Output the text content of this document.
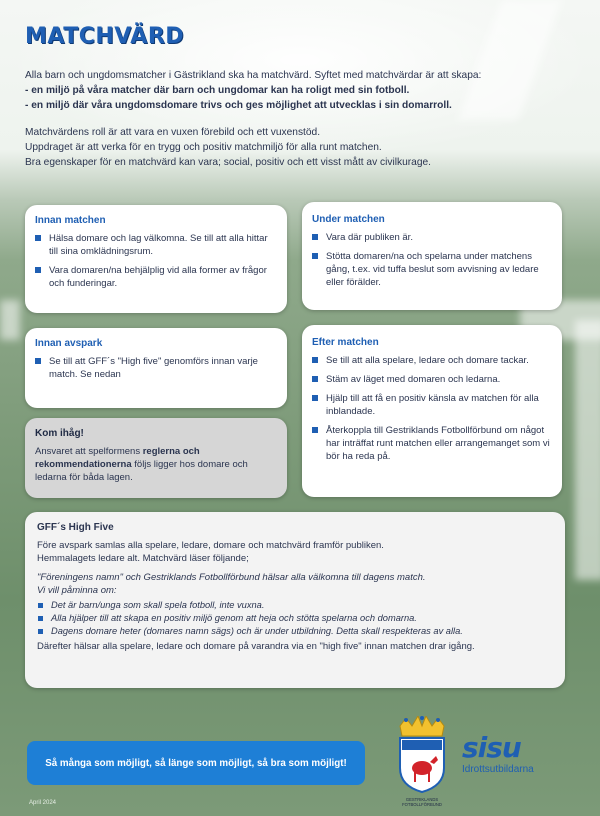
MATCHVÄRD

Alla barn och ungdomsmatcher i Gästrikland ska ha matchvärd. Syftet med matchvärdar är att skapa:

- en miljö på våra matcher där barn och ungdomar kan ha roligt med sin fotboll.

- en miljö där våra ungdomsdomare trivs och ges möjlighet att utvecklas i sin domarroll.

Matchvärdens roll är att vara en vuxen förebild och ett vuxenstöd.

Uppdraget är att verka för en trygg och positiv matchmiljö för alla runt matchen.

Bra egenskaper för en matchvärd kan vara; social, positiv och ett visst mått av civilkurage.

Innan matchen
Hälsa domare och lag välkomna. Se till att alla hittar till sina omklädningsrum.
Vara domaren/na behjälplig vid alla former av frågor och funderingar.
Under matchen
Vara där publiken är.
Stötta domaren/na och spelarna under matchens gång, t.ex. vid tuffa beslut som avvisning av ledare eller förälder.
Innan avspark
Se till att GFF´s "High five" genomförs innan varje match. Se nedan
Kom ihåg!

Ansvaret att spelformens reglerna och rekommendationerna följs ligger hos domare och ledarna för båda lagen.

Efter matchen
Se till att alla spelare, ledare och domare tackar.
Stäm av läget med domaren och ledarna.
Hjälp till att få en positiv känsla av matchen för alla inblandade.
Återkoppla till Gestriklands Fotbollförbund om något har inträffat runt matchen eller arrangemanget som vi bör ha reda på.
GFF´s High Five

Före avspark samlas alla spelare, ledare, domare och matchvärd framför publiken.

Hemmalagets ledare alt. Matchvärd läser följande;

"Föreningens namn" och Gestriklands Fotbollförbund hälsar alla välkomna till dagens match.

Vi vill påminna om:

Det är barn/unga som skall spela fotboll, inte vuxna.
Alla hjälper till att skapa en positiv miljö genom att heja och stötta spelarna och domarna.
Dagens domare heter (domares namn sägs) och är under utbildning. Detta skall respekteras av alla.

Därefter hälsar alla spelare, ledare och domare på varandra via en "high five" innan matchen drar igång.

Så många som möjligt, så länge som möjligt, så bra som möjligt!
April 2024
GESTRIKLANDS
FOTBOLLFÖRBUND
sisu
Idrottsutbildarna
